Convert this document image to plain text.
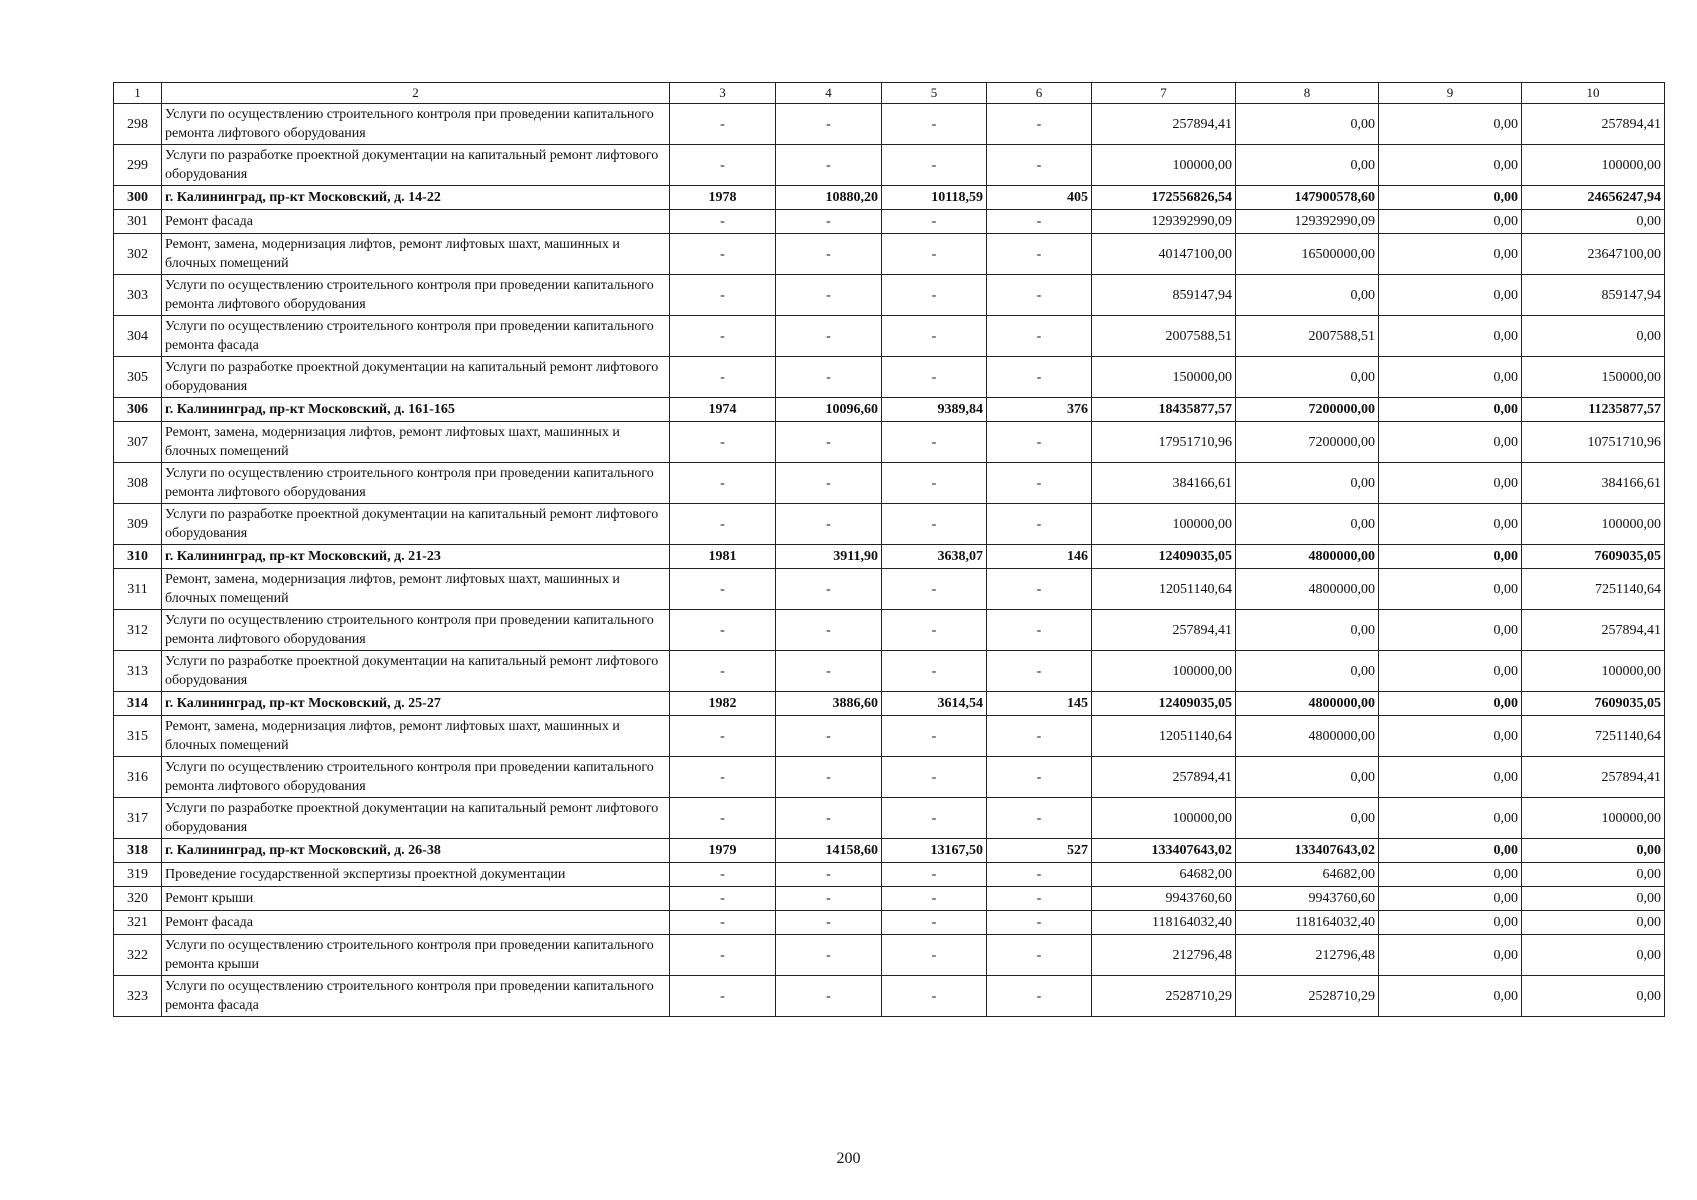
1	2	3	4	5	6	7	8	9	10
298	Услуги по осуществлению строительного контроля при проведении капитального ремонта лифтового оборудования	-	-	-	-	257894,41	0,00	0,00	257894,41
299	Услуги по разработке проектной документации на капитальный ремонт лифтового оборудования	-	-	-	-	100000,00	0,00	0,00	100000,00
300	г. Калининград, пр-кт Московский, д. 14-22	1978	10880,20	10118,59	405	172556826,54	147900578,60	0,00	24656247,94
301	Ремонт фасада	-	-	-	-	129392990,09	129392990,09	0,00	0,00
302	Ремонт, замена, модернизация лифтов, ремонт лифтовых шахт, машинных и блочных помещений	-	-	-	-	40147100,00	16500000,00	0,00	23647100,00
303	Услуги по осуществлению строительного контроля при проведении капитального ремонта лифтового оборудования	-	-	-	-	859147,94	0,00	0,00	859147,94
304	Услуги по осуществлению строительного контроля при проведении капитального ремонта фасада	-	-	-	-	2007588,51	2007588,51	0,00	0,00
305	Услуги по разработке проектной документации на капитальный ремонт лифтового оборудования	-	-	-	-	150000,00	0,00	0,00	150000,00
306	г. Калининград, пр-кт Московский, д. 161-165	1974	10096,60	9389,84	376	18435877,57	7200000,00	0,00	11235877,57
307	Ремонт, замена, модернизация лифтов, ремонт лифтовых шахт, машинных и блочных помещений	-	-	-	-	17951710,96	7200000,00	0,00	10751710,96
308	Услуги по осуществлению строительного контроля при проведении капитального ремонта лифтового оборудования	-	-	-	-	384166,61	0,00	0,00	384166,61
309	Услуги по разработке проектной документации на капитальный ремонт лифтового оборудования	-	-	-	-	100000,00	0,00	0,00	100000,00
310	г. Калининград, пр-кт Московский, д. 21-23	1981	3911,90	3638,07	146	12409035,05	4800000,00	0,00	7609035,05
311	Ремонт, замена, модернизация лифтов, ремонт лифтовых шахт, машинных и блочных помещений	-	-	-	-	12051140,64	4800000,00	0,00	7251140,64
312	Услуги по осуществлению строительного контроля при проведении капитального ремонта лифтового оборудования	-	-	-	-	257894,41	0,00	0,00	257894,41
313	Услуги по разработке проектной документации на капитальный ремонт лифтового оборудования	-	-	-	-	100000,00	0,00	0,00	100000,00
314	г. Калининград, пр-кт Московский, д. 25-27	1982	3886,60	3614,54	145	12409035,05	4800000,00	0,00	7609035,05
315	Ремонт, замена, модернизация лифтов, ремонт лифтовых шахт, машинных и блочных помещений	-	-	-	-	12051140,64	4800000,00	0,00	7251140,64
316	Услуги по осуществлению строительного контроля при проведении капитального ремонта лифтового оборудования	-	-	-	-	257894,41	0,00	0,00	257894,41
317	Услуги по разработке проектной документации на капитальный ремонт лифтового оборудования	-	-	-	-	100000,00	0,00	0,00	100000,00
318	г. Калининград, пр-кт Московский, д. 26-38	1979	14158,60	13167,50	527	133407643,02	133407643,02	0,00	0,00
319	Проведение государственной экспертизы проектной документации	-	-	-	-	64682,00	64682,00	0,00	0,00
320	Ремонт крыши	-	-	-	-	9943760,60	9943760,60	0,00	0,00
321	Ремонт фасада	-	-	-	-	118164032,40	118164032,40	0,00	0,00
322	Услуги по осуществлению строительного контроля при проведении капитального ремонта крыши	-	-	-	-	212796,48	212796,48	0,00	0,00
323	Услуги по осуществлению строительного контроля при проведении капитального ремонта фасада	-	-	-	-	2528710,29	2528710,29	0,00	0,00
200
